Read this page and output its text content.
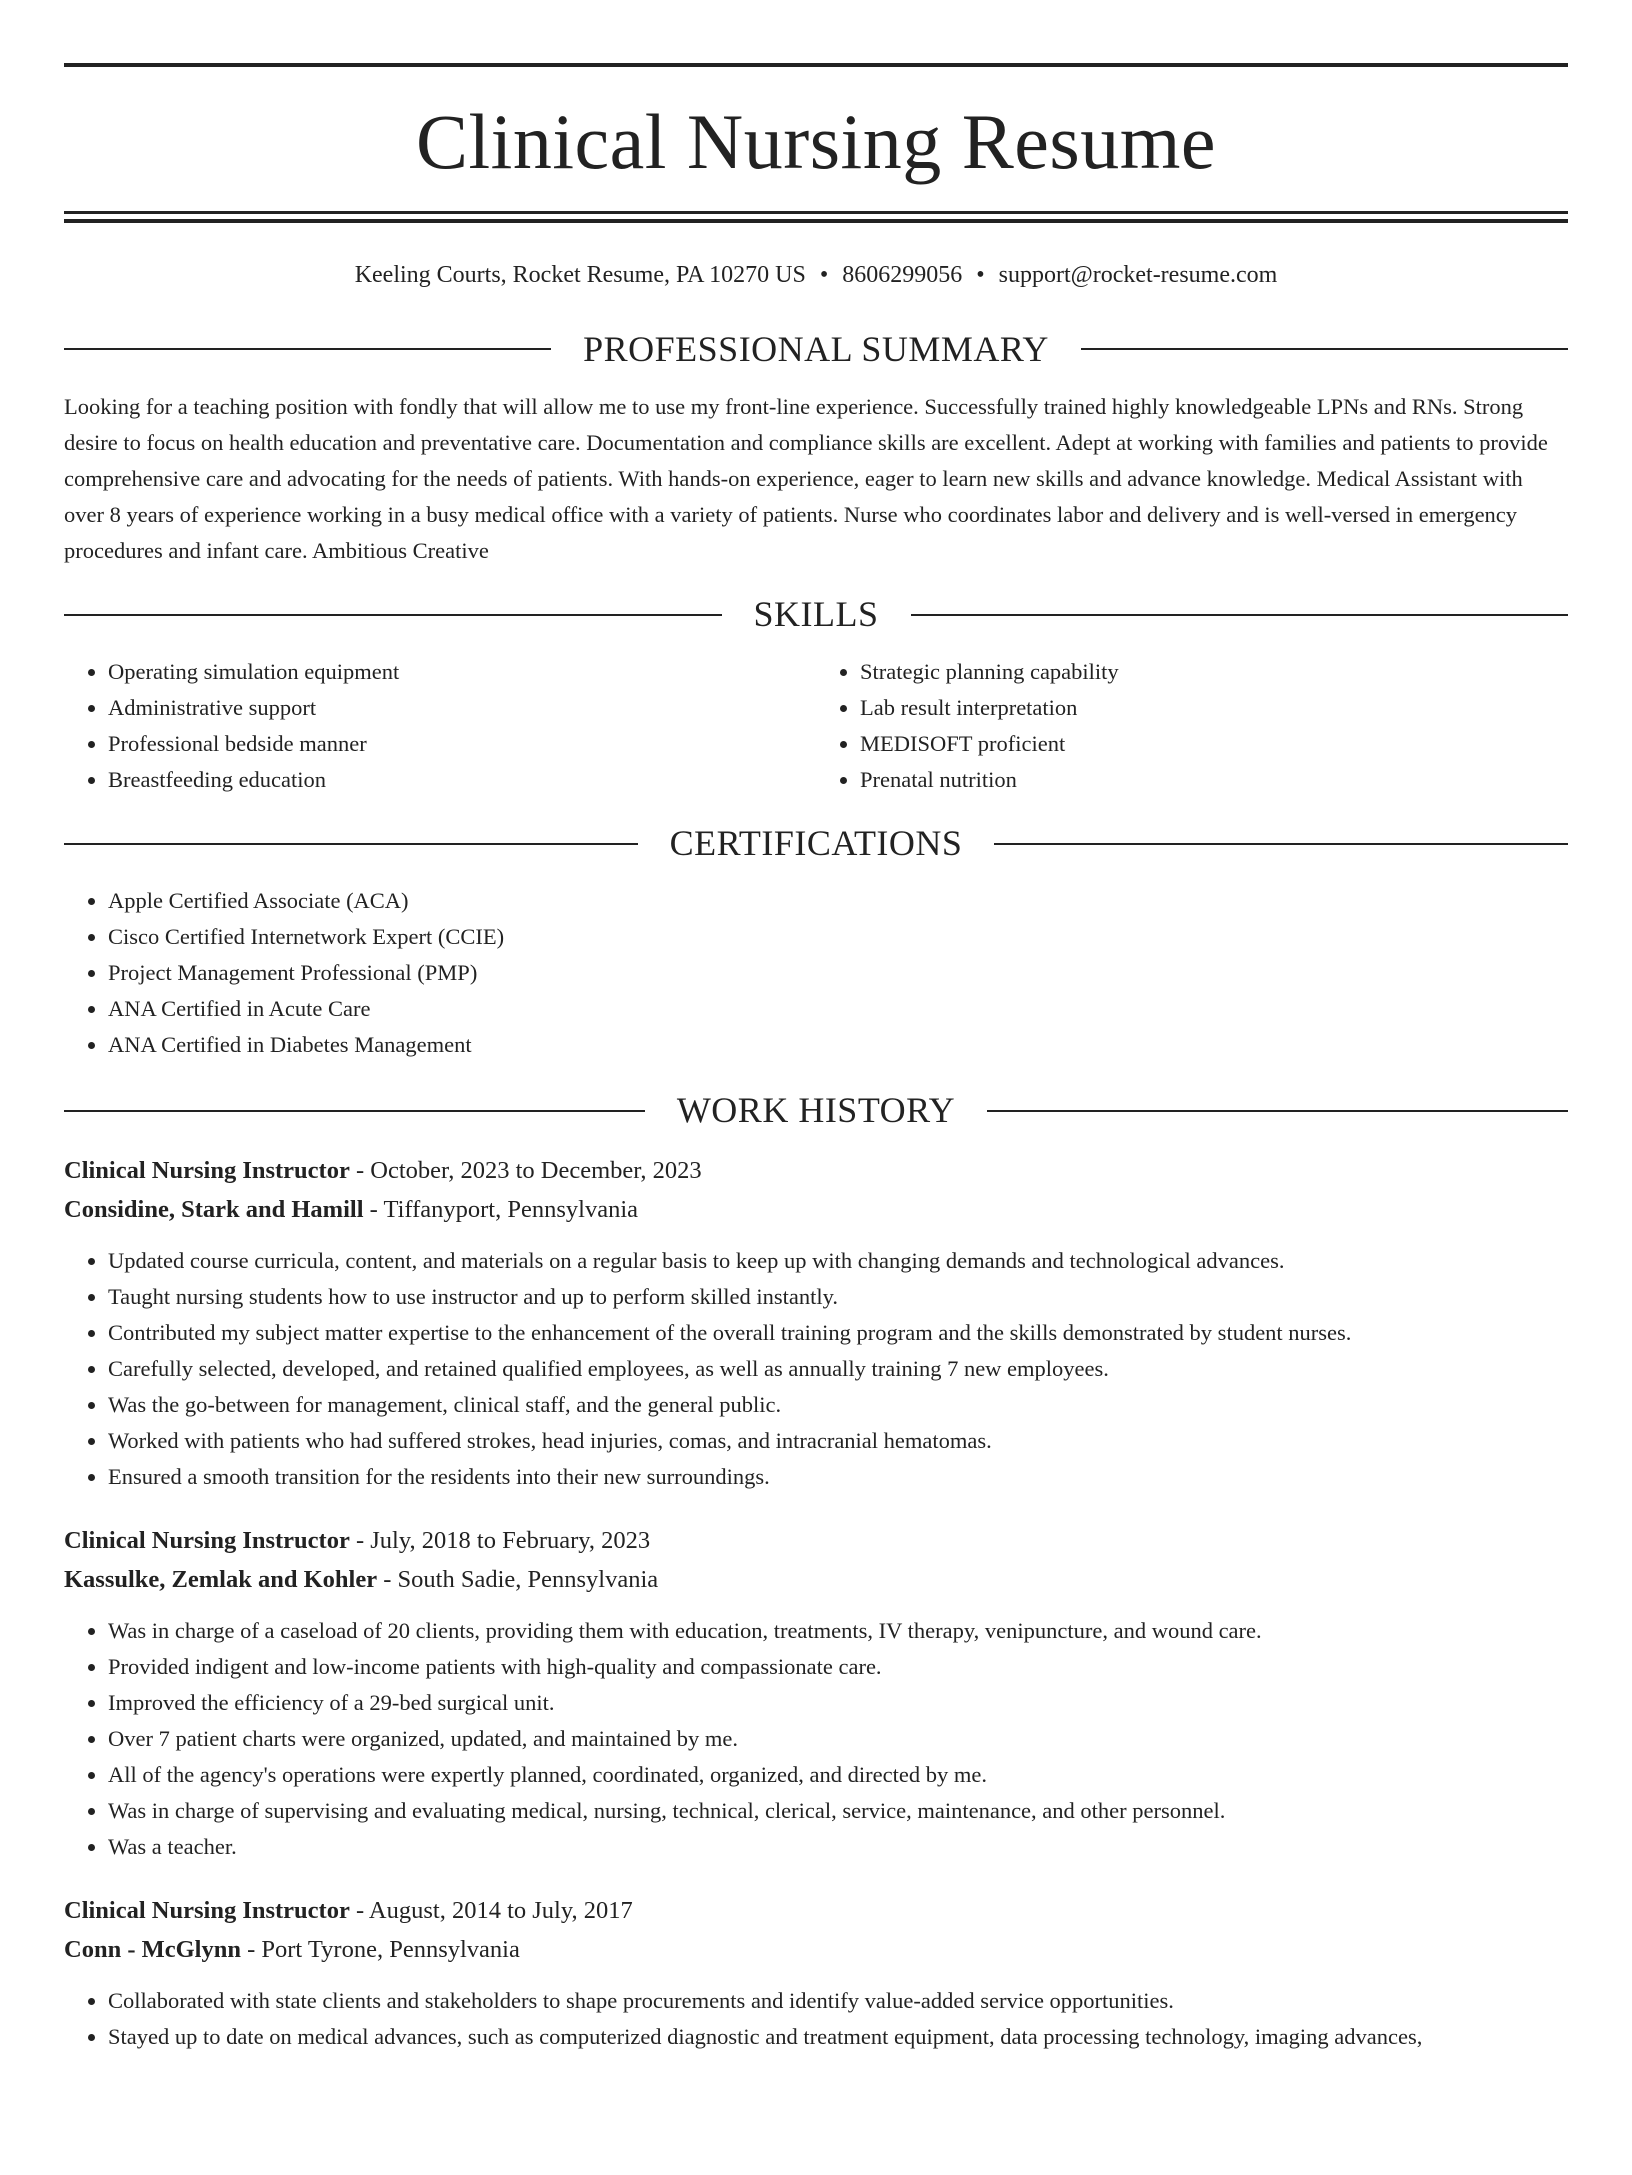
Clinical Nursing Resume
Keeling Courts, Rocket Resume, PA 10270 US • 8606299056 • support@rocket-resume.com
PROFESSIONAL SUMMARY

Looking for a teaching position with fondly that will allow me to use my front-line experience. Successfully trained highly knowledgeable LPNs and RNs. Strong desire to focus on health education and preventative care. Documentation and compliance skills are excellent. Adept at working with families and patients to provide comprehensive care and advocating for the needs of patients. With hands-on experience, eager to learn new skills and advance knowledge. Medical Assistant with over 8 years of experience working in a busy medical office with a variety of patients. Nurse who coordinates labor and delivery and is well-versed in emergency procedures and infant care. Ambitious Creative

SKILLS
• Operating simulation equipment
• Administrative support
• Professional bedside manner
• Breastfeeding education
• Strategic planning capability
• Lab result interpretation
• MEDISOFT proficient
• Prenatal nutrition
CERTIFICATIONS
• Apple Certified Associate (ACA)
• Cisco Certified Internetwork Expert (CCIE)
• Project Management Professional (PMP)
• ANA Certified in Acute Care
• ANA Certified in Diabetes Management
WORK HISTORY
Clinical Nursing Instructor - October, 2023 to December, 2023
Considine, Stark and Hamill - Tiffanyport, Pennsylvania
• Updated course curricula, content, and materials on a regular basis to keep up with changing demands and technological advances.
• Taught nursing students how to use instructor and up to perform skilled instantly.
• Contributed my subject matter expertise to the enhancement of the overall training program and the skills demonstrated by student nurses.
• Carefully selected, developed, and retained qualified employees, as well as annually training 7 new employees.
• Was the go-between for management, clinical staff, and the general public.
• Worked with patients who had suffered strokes, head injuries, comas, and intracranial hematomas.
• Ensured a smooth transition for the residents into their new surroundings.
Clinical Nursing Instructor - July, 2018 to February, 2023
Kassulke, Zemlak and Kohler - South Sadie, Pennsylvania
• Was in charge of a caseload of 20 clients, providing them with education, treatments, IV therapy, venipuncture, and wound care.
• Provided indigent and low-income patients with high-quality and compassionate care.
• Improved the efficiency of a 29-bed surgical unit.
• Over 7 patient charts were organized, updated, and maintained by me.
• All of the agency's operations were expertly planned, coordinated, organized, and directed by me.
• Was in charge of supervising and evaluating medical, nursing, technical, clerical, service, maintenance, and other personnel.
• Was a teacher.
Clinical Nursing Instructor - August, 2014 to July, 2017
Conn - McGlynn - Port Tyrone, Pennsylvania
• Collaborated with state clients and stakeholders to shape procurements and identify value-added service opportunities.
• Stayed up to date on medical advances, such as computerized diagnostic and treatment equipment, data processing technology, imaging advances,
